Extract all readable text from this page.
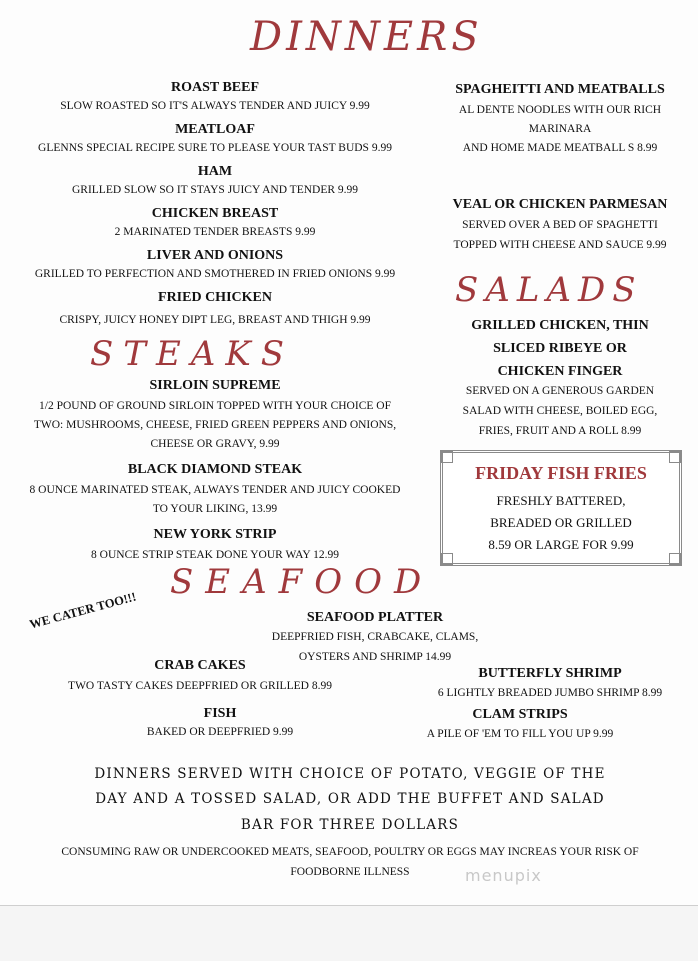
DINNERS
STEAKS
SALADS
SEAFOOD
ROAST BEEF
SLOW ROASTED SO IT'S ALWAYS TENDER AND JUICY 9.99
MEATLOAF
GLENNS SPECIAL RECIPE SURE TO PLEASE YOUR TAST BUDS 9.99
HAM
GRILLED SLOW SO IT STAYS JUICY AND TENDER 9.99
CHICKEN BREAST
2 MARINATED TENDER BREASTS 9.99
LIVER AND ONIONS
GRILLED TO PERFECTION AND SMOTHERED IN FRIED ONIONS 9.99
FRIED CHICKEN
CRISPY, JUICY HONEY DIPT LEG, BREAST AND THIGH 9.99
SPAGHEITTI AND MEATBALLS
AL DENTE NOODLES WITH OUR RICH
MARINARA
AND HOME MADE MEATBALL S 8.99
VEAL OR CHICKEN PARMESAN
SERVED OVER A BED OF SPAGHETTI
TOPPED WITH CHEESE AND SAUCE 9.99
GRILLED CHICKEN, THIN
SLICED RIBEYE OR
CHICKEN FINGER
SERVED ON A GENEROUS GARDEN
SALAD WITH CHEESE, BOILED EGG,
FRIES, FRUIT AND A ROLL 8.99
SIRLOIN SUPREME
1/2 POUND OF GROUND SIRLOIN TOPPED WITH YOUR CHOICE OF
TWO: MUSHROOMS, CHEESE, FRIED GREEN PEPPERS AND ONIONS,
CHEESE OR GRAVY, 9.99
BLACK DIAMOND STEAK
8 OUNCE MARINATED STEAK, ALWAYS TENDER AND JUICY COOKED
TO YOUR LIKING, 13.99
NEW YORK STRIP
8 OUNCE STRIP STEAK DONE YOUR WAY 12.99
FRIDAY FISH FRIES
FRESHLY BATTERED,
BREADED OR GRILLED
8.59 OR LARGE FOR 9.99
WE CATER TOO!!!	SEAFOOD PLATTER
DEEPFRIED FISH, CRABCAKE, CLAMS,
OYSTERS AND SHRIMP 14.99
CRAB CAKES
TWO TASTY CAKES DEEPFRIED OR GRILLED 8.99
FISH
BAKED OR DEEPFRIED 9.99
BUTTERFLY SHRIMP
6 LIGHTLY BREADED JUMBO SHRIMP 8.99
CLAM STRIPS
A PILE OF 'EM TO FILL YOU UP 9.99
DINNERS SERVED WITH CHOICE OF POTATO, VEGGIE OF THE
DAY AND A TOSSED SALAD, OR ADD THE BUFFET AND SALAD
BAR FOR THREE DOLLARS
CONSUMING RAW OR UNDERCOOKED MEATS, SEAFOOD, POULTRY OR EGGS MAY INCREAS YOUR RISK OF
FOODBORNE ILLNESS	menupix
